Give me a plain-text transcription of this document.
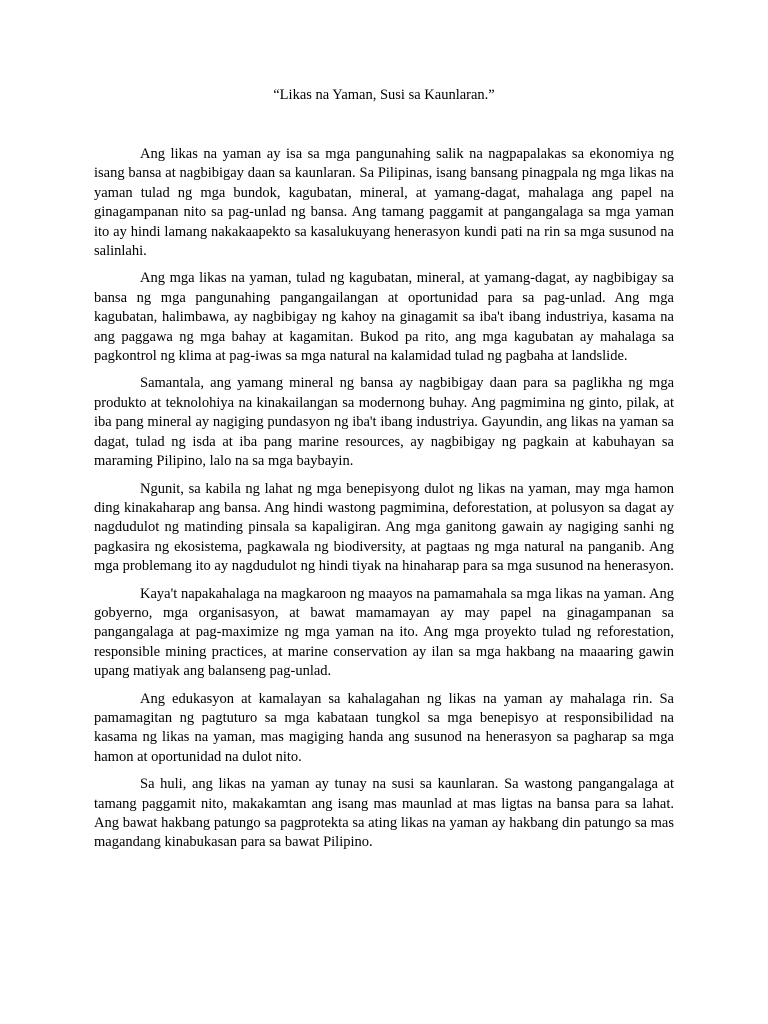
“Likas na Yaman, Susi sa Kaunlaran.”

Ang likas na yaman ay isa sa mga pangunahing salik na nagpapalakas sa ekonomiya ng isang bansa at nagbibigay daan sa kaunlaran. Sa Pilipinas, isang bansang pinagpala ng mga likas na yaman tulad ng mga bundok, kagubatan, mineral, at yamang-dagat, mahalaga ang papel na ginagampanan nito sa pag-unlad ng bansa. Ang tamang paggamit at pangangalaga sa mga yaman ito ay hindi lamang nakakaapekto sa kasalukuyang henerasyon kundi pati na rin sa mga susunod na salinlahi.

Ang mga likas na yaman, tulad ng kagubatan, mineral, at yamang-dagat, ay nagbibigay sa bansa ng mga pangunahing pangangailangan at oportunidad para sa pag-unlad. Ang mga kagubatan, halimbawa, ay nagbibigay ng kahoy na ginagamit sa iba't ibang industriya, kasama na ang paggawa ng mga bahay at kagamitan. Bukod pa rito, ang mga kagubatan ay mahalaga sa pagkontrol ng klima at pag-iwas sa mga natural na kalamidad tulad ng pagbaha at landslide.

Samantala, ang yamang mineral ng bansa ay nagbibigay daan para sa paglikha ng mga produkto at teknolohiya na kinakailangan sa modernong buhay. Ang pagmimina ng ginto, pilak, at iba pang mineral ay nagiging pundasyon ng iba't ibang industriya. Gayundin, ang likas na yaman sa dagat, tulad ng isda at iba pang marine resources, ay nagbibigay ng pagkain at kabuhayan sa maraming Pilipino, lalo na sa mga baybayin.

Ngunit, sa kabila ng lahat ng mga benepisyong dulot ng likas na yaman, may mga hamon ding kinakaharap ang bansa. Ang hindi wastong pagmimina, deforestation, at polusyon sa dagat ay nagdudulot ng matinding pinsala sa kapaligiran. Ang mga ganitong gawain ay nagiging sanhi ng pagkasira ng ekosistema, pagkawala ng biodiversity, at pagtaas ng mga natural na panganib. Ang mga problemang ito ay nagdudulot ng hindi tiyak na hinaharap para sa mga susunod na henerasyon.

Kaya't napakahalaga na magkaroon ng maayos na pamamahala sa mga likas na yaman. Ang gobyerno, mga organisasyon, at bawat mamamayan ay may papel na ginagampanan sa pangangalaga at pag-maximize ng mga yaman na ito. Ang mga proyekto tulad ng reforestation, responsible mining practices, at marine conservation ay ilan sa mga hakbang na maaaring gawin upang matiyak ang balanseng pag-unlad.

Ang edukasyon at kamalayan sa kahalagahan ng likas na yaman ay mahalaga rin. Sa pamamagitan ng pagtuturo sa mga kabataan tungkol sa mga benepisyo at responsibilidad na kasama ng likas na yaman, mas magiging handa ang susunod na henerasyon sa pagharap sa mga hamon at oportunidad na dulot nito.

Sa huli, ang likas na yaman ay tunay na susi sa kaunlaran. Sa wastong pangangalaga at tamang paggamit nito, makakamtan ang isang mas maunlad at mas ligtas na bansa para sa lahat. Ang bawat hakbang patungo sa pagprotekta sa ating likas na yaman ay hakbang din patungo sa mas magandang kinabukasan para sa bawat Pilipino.
